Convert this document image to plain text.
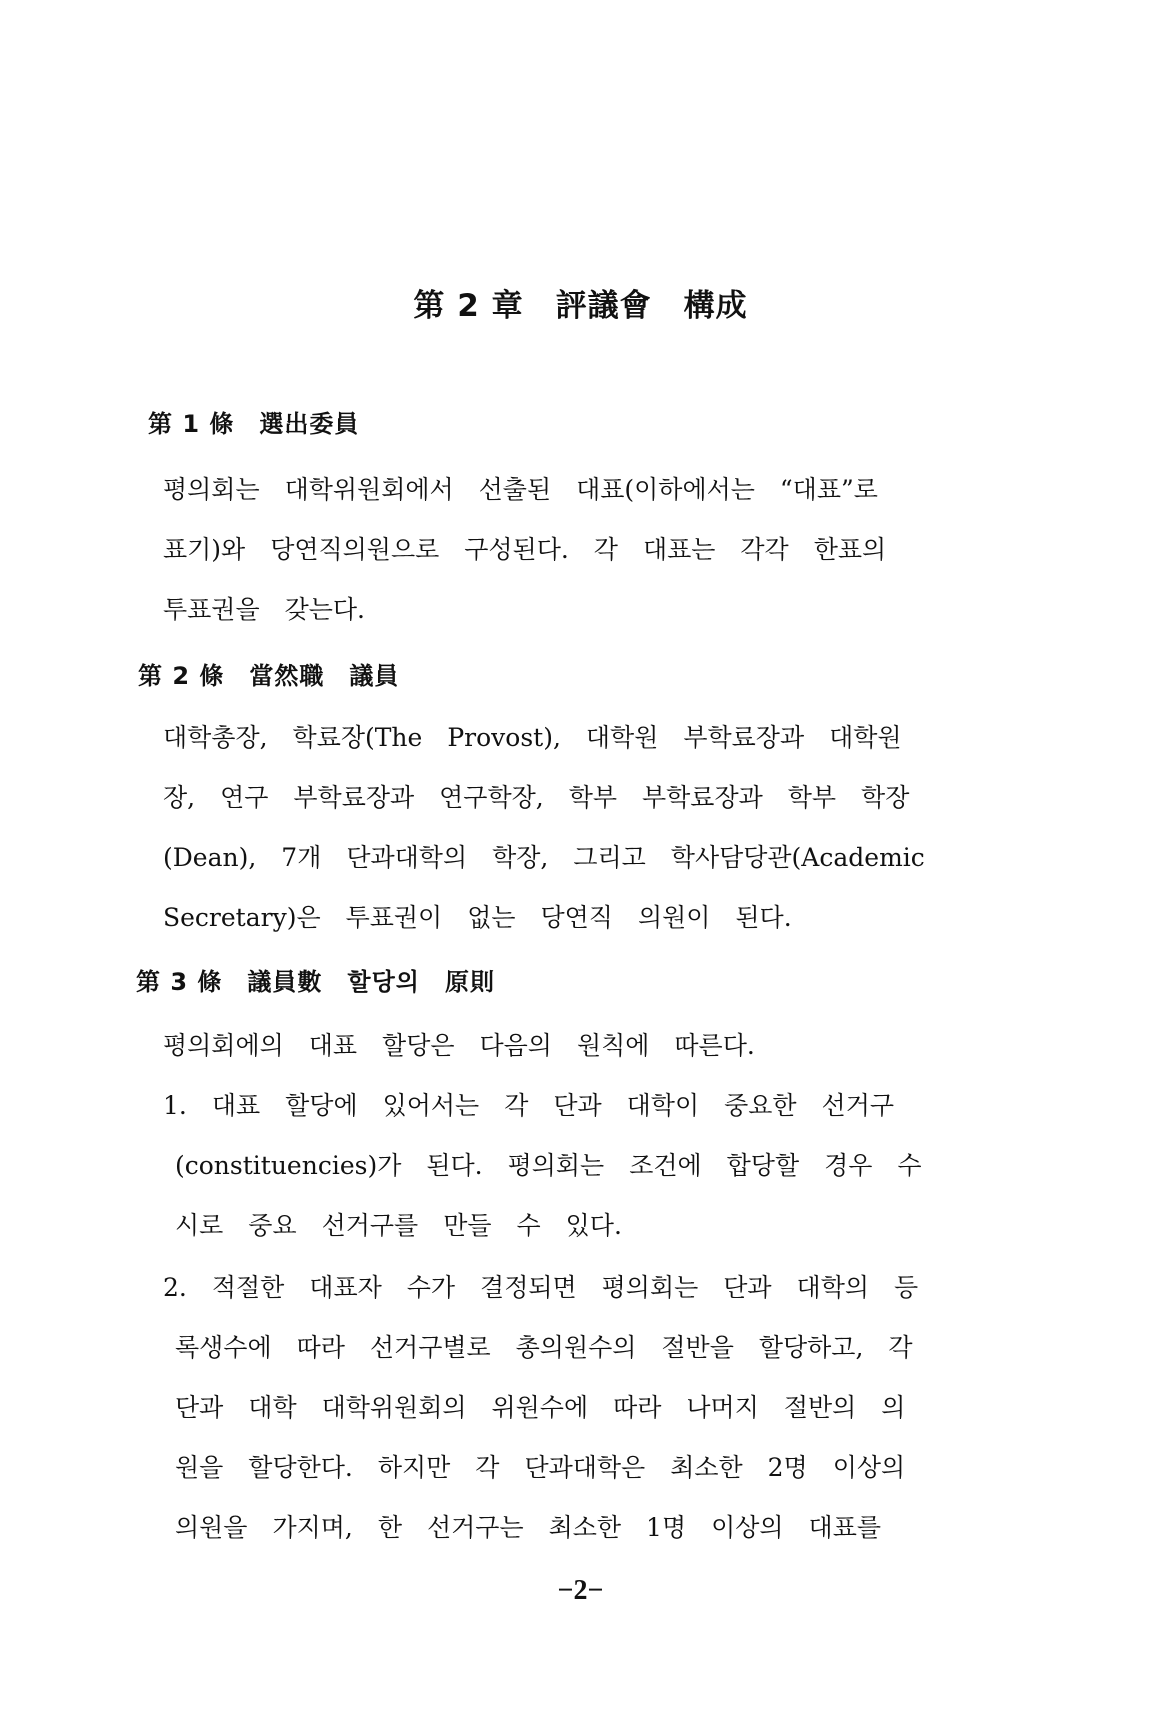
第 2 章　評議會　構成
第 1 條　選出委員
평의회는　대학위원회에서　선출된　대표(이하에서는　“대표”로
표기)와　당연직의원으로　구성된다.　각　대표는　각각　한표의
투표권을　갖는다.
第 2 條　當然職　議員
대학총장,　학료장(The　Provost),　대학원　부학료장과　대학원
장,　연구　부학료장과　연구학장,　학부　부학료장과　학부　학장
(Dean),　7개　단과대학의　학장,　그리고　학사담당관(Academic
Secretary)은　투표권이　없는　당연직　의원이　된다.
第 3 條　議員數　할당의　原則
평의회에의　대표　할당은　다음의　원칙에　따른다.
1.　대표　할당에　있어서는　각　단과　대학이　중요한　선거구
(constituencies)가　된다.　평의회는　조건에　합당할　경우　수
시로　중요　선거구를　만들　수　있다.
2.　적절한　대표자　수가　결정되면　평의회는　단과　대학의　등
록생수에　따라　선거구별로　총의원수의　절반을　할당하고,　각
단과　대학　대학위원회의　위원수에　따라　나머지　절반의　의
원을　할당한다.　하지만　각　단과대학은　최소한　2명　이상의
의원을　가지며,　한　선거구는　최소한　1명　이상의　대표를
−2−
